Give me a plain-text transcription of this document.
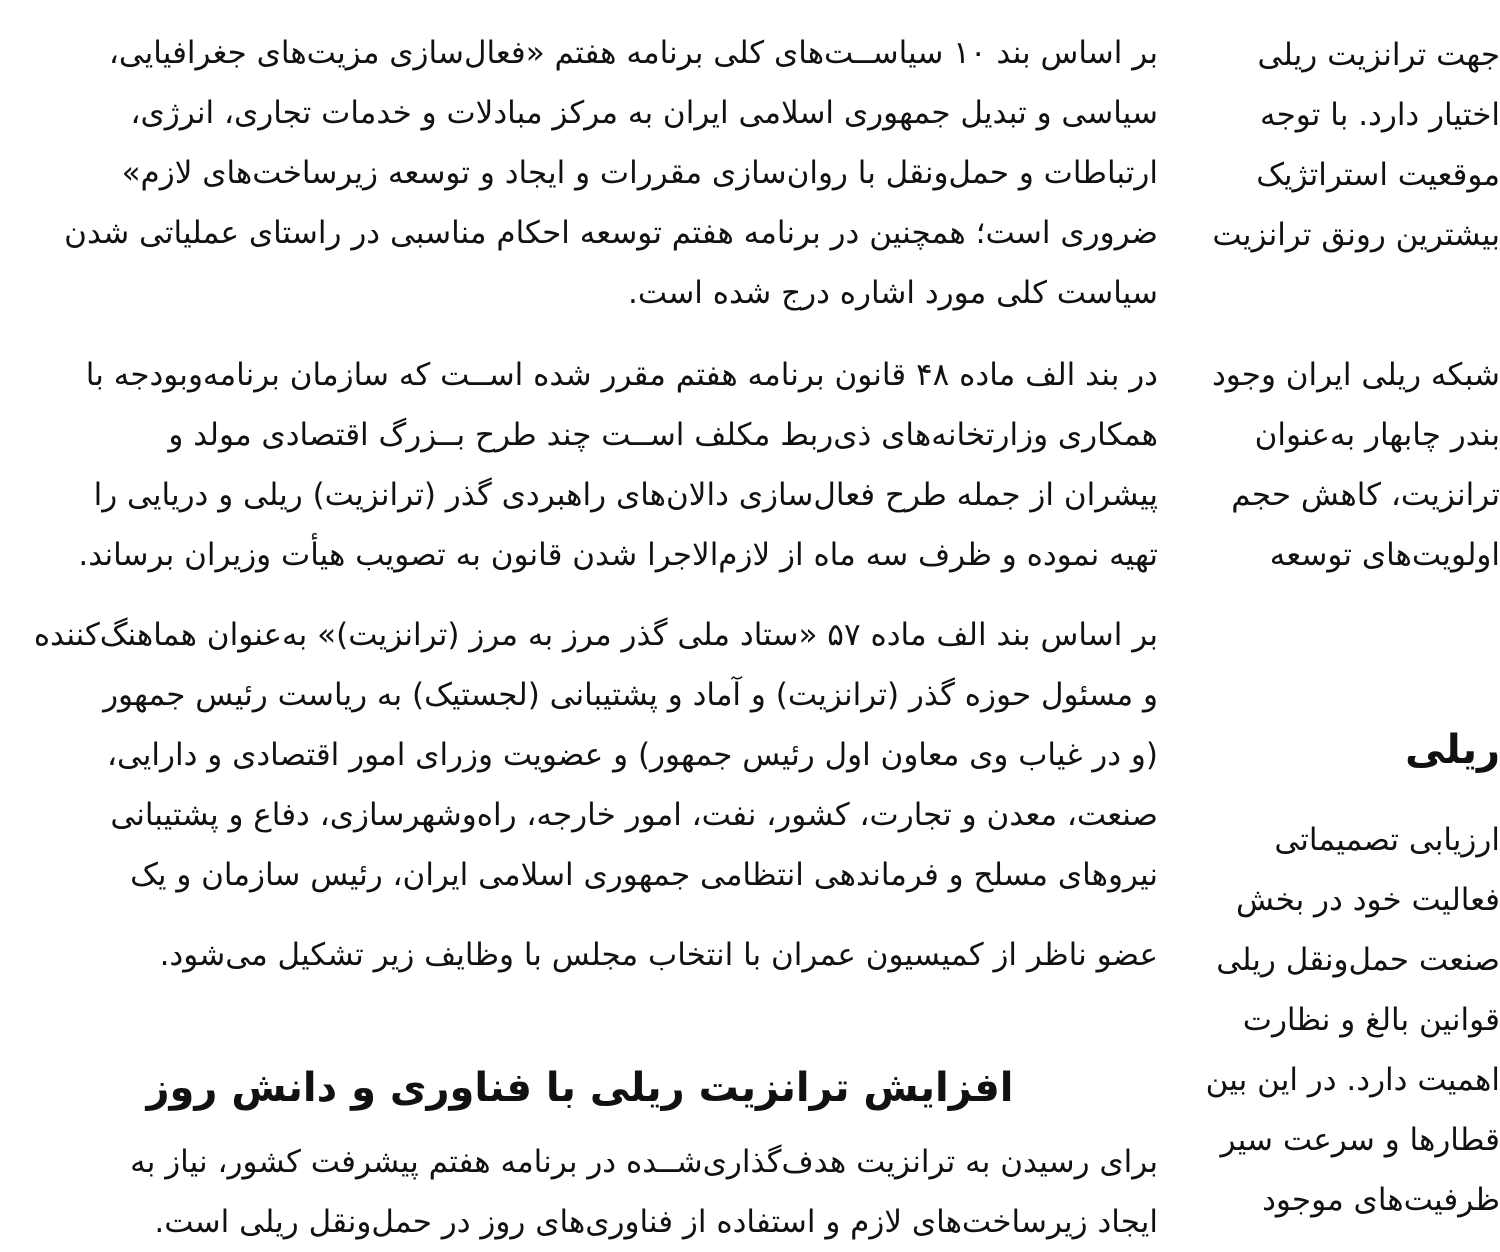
بر اساس بند ۱۰ سیاســت‌های کلی برنامه هفتم «فعال‌سازی مزیت‌های جغرافیایی،
سیاسی و تبدیل جمهوری اسلامی ایران به مرکز مبادلات و خدمات تجاری، انرژی،
ارتباطات و حمل‌ونقل با روان‌سازی مقررات و ایجاد و توسعه زیرساخت‌های لازم»
ضروری است؛ همچنین در برنامه هفتم توسعه احکام مناسبی در راستای عملیاتی شدن
سیاست کلی مورد اشاره درج شده است.
در بند الف ماده ۴۸ قانون برنامه هفتم مقرر شده اســت که سازمان برنامه‌وبودجه با
همکاری وزارتخانه‌های ذی‌ربط مکلف اســت چند طرح بــزرگ اقتصادی مولد و
پیشران از جمله طرح فعال‌سازی دالان‌های راهبردی گذر (ترانزیت) ریلی و دریایی را
تهیه نموده و ظرف سه ماه از لازم‌الاجرا شدن قانون به تصویب هیأت وزیران برساند.
بر اساس بند الف ماده ۵۷ «ستاد ملی گذر مرز به مرز (ترانزیت)» به‌عنوان هماهنگ‌کننده
و مسئول حوزه گذر (ترانزیت) و آماد و پشتیبانی (لجستیک) به ریاست رئیس جمهور
(و در غیاب وی معاون اول رئیس جمهور) و عضویت وزرای امور اقتصادی و دارایی،
صنعت، معدن و تجارت، کشور، نفت، امور خارجه، راه‌وشهرسازی، دفاع و پشتیبانی
نیروهای مسلح و فرماندهی انتظامی جمهوری اسلامی ایران، رئیس سازمان و یک
عضو ناظر از کمیسیون عمران با انتخاب مجلس با وظایف زیر تشکیل می‌شود.
افزایش ترانزیت ریلی با فناوری و دانش روز
برای رسیدن به ترانزیت هدف‌گذاری‌شــده در برنامه هفتم پیشرفت کشور، نیاز به
ایجاد زیرساخت‌های لازم و استفاده از فناوری‌های روز در حمل‌ونقل ریلی است.
جهت ترانزیت ریلی
اختیار دارد. با توجه
موقعیت استراتژیک
بیشترین رونق ترانزیت
شبکه ریلی ایران وجود
بندر چابهار به‌عنوان
ترانزیت، کاهش حجم
اولویت‌های توسعه
ریلی
ارزیابی تصمیماتی
فعالیت خود در بخش
صنعت حمل‌ونقل ریلی
قوانین بالغ و نظارت
اهمیت دارد. در این بین
قطارها و سرعت سیر
ظرفیت‌های موجود
